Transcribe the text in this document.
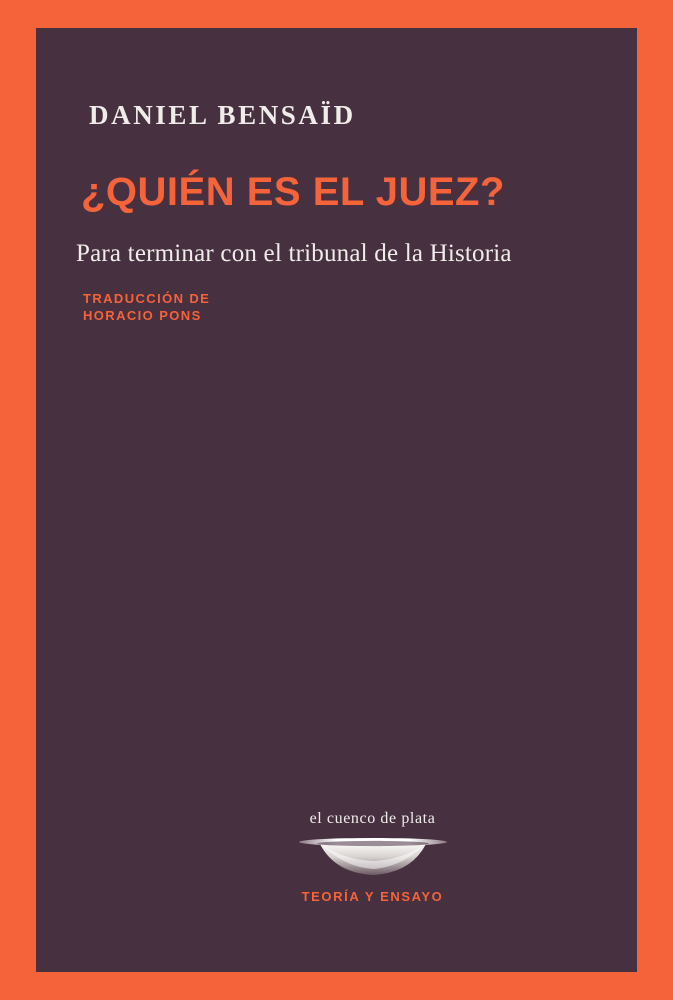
DANIEL BENSAÏD
¿QUIÉN ES EL JUEZ?
Para terminar con el tribunal de la Historia
TRADUCCIÓN DE
HORACIO PONS
el cuenco de plata
TEORÍA Y ENSAYO
